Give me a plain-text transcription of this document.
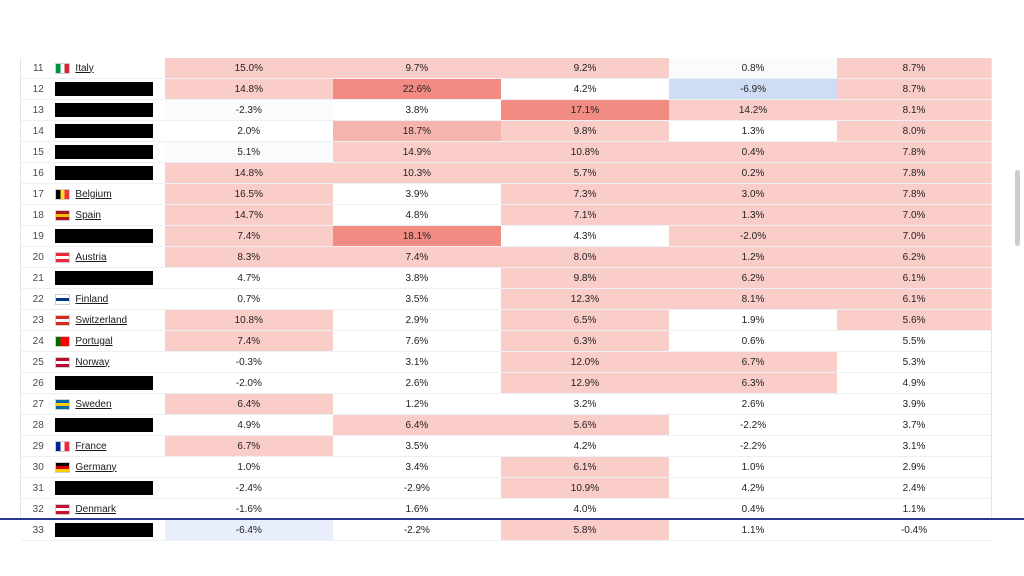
11	Italy	15.0%	9.7%	9.2%	0.8%	8.7%
12		14.8%	22.6%	4.2%	-6.9%	8.7%
13		-2.3%	3.8%	17.1%	14.2%	8.1%
14		2.0%	18.7%	9.8%	1.3%	8.0%
15		5.1%	14.9%	10.8%	0.4%	7.8%
16		14.8%	10.3%	5.7%	0.2%	7.8%
17	Belgium	16.5%	3.9%	7.3%	3.0%	7.8%
18	Spain	14.7%	4.8%	7.1%	1.3%	7.0%
19		7.4%	18.1%	4.3%	-2.0%	7.0%
20	Austria	8.3%	7.4%	8.0%	1.2%	6.2%
21		4.7%	3.8%	9.8%	6.2%	6.1%
22	Finland	0.7%	3.5%	12.3%	8.1%	6.1%
23	Switzerland	10.8%	2.9%	6.5%	1.9%	5.6%
24	Portugal	7.4%	7.6%	6.3%	0.6%	5.5%
25	Norway	-0.3%	3.1%	12.0%	6.7%	5.3%
26		-2.0%	2.6%	12.9%	6.3%	4.9%
27	Sweden	6.4%	1.2%	3.2%	2.6%	3.9%
28		4.9%	6.4%	5.6%	-2.2%	3.7%
29	France	6.7%	3.5%	4.2%	-2.2%	3.1%
30	Germany	1.0%	3.4%	6.1%	1.0%	2.9%
31		-2.4%	-2.9%	10.9%	4.2%	2.4%
32	Denmark	-1.6%	1.6%	4.0%	0.4%	1.1%
33		-6.4%	-2.2%	5.8%	1.1%	-0.4%
